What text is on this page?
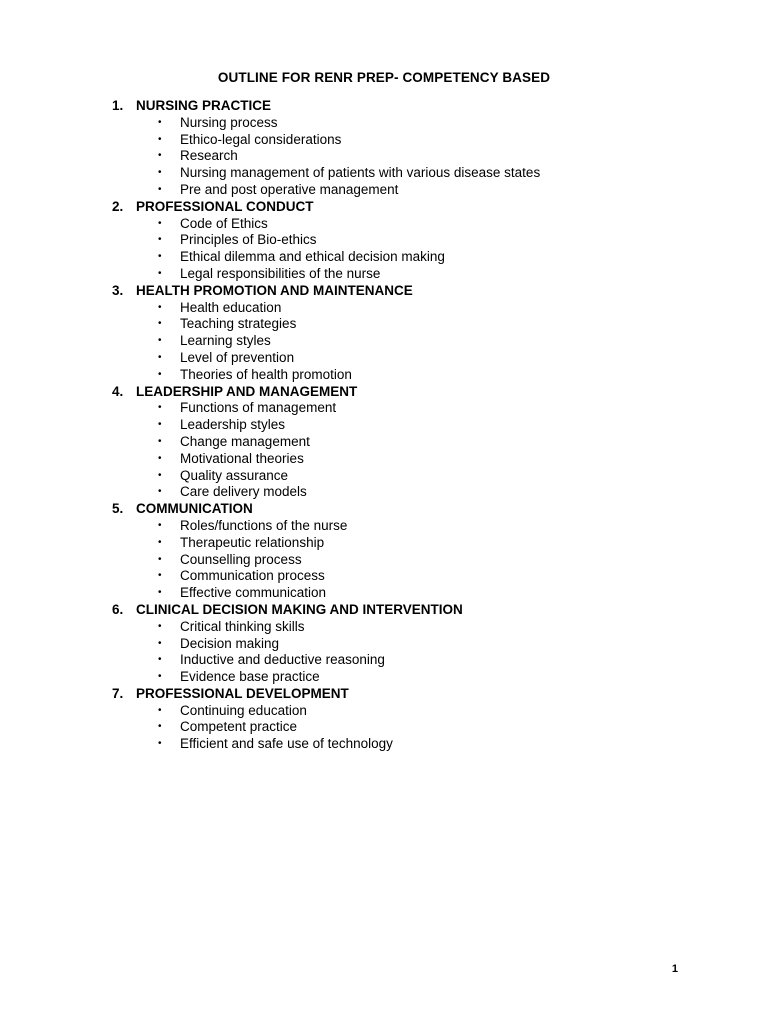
OUTLINE FOR RENR PREP- COMPETENCY BASED
1. NURSING PRACTICE
•	Nursing process
•	Ethico-legal considerations
•	Research
•	Nursing management of patients with various disease states
•	Pre and post operative management
2. PROFESSIONAL CONDUCT
•	Code of Ethics
•	Principles of Bio-ethics
•	Ethical dilemma and ethical decision making
•	Legal responsibilities of the nurse
3. HEALTH PROMOTION AND MAINTENANCE
•	Health education
•	Teaching strategies
•	Learning styles
•	Level of prevention
•	Theories of health promotion
4. LEADERSHIP AND MANAGEMENT
•	Functions of management
•	Leadership styles
•	Change management
•	Motivational theories
•	Quality assurance
•	Care delivery models
5. COMMUNICATION
•	Roles/functions of the nurse
•	Therapeutic relationship
•	Counselling process
•	Communication process
•	Effective communication
6. CLINICAL DECISION MAKING AND INTERVENTION
•	Critical thinking skills
•	Decision making
•	Inductive and deductive reasoning
•	Evidence base practice
7. PROFESSIONAL DEVELOPMENT
•	Continuing education
•	Competent practice
•	Efficient and safe use of technology
1
